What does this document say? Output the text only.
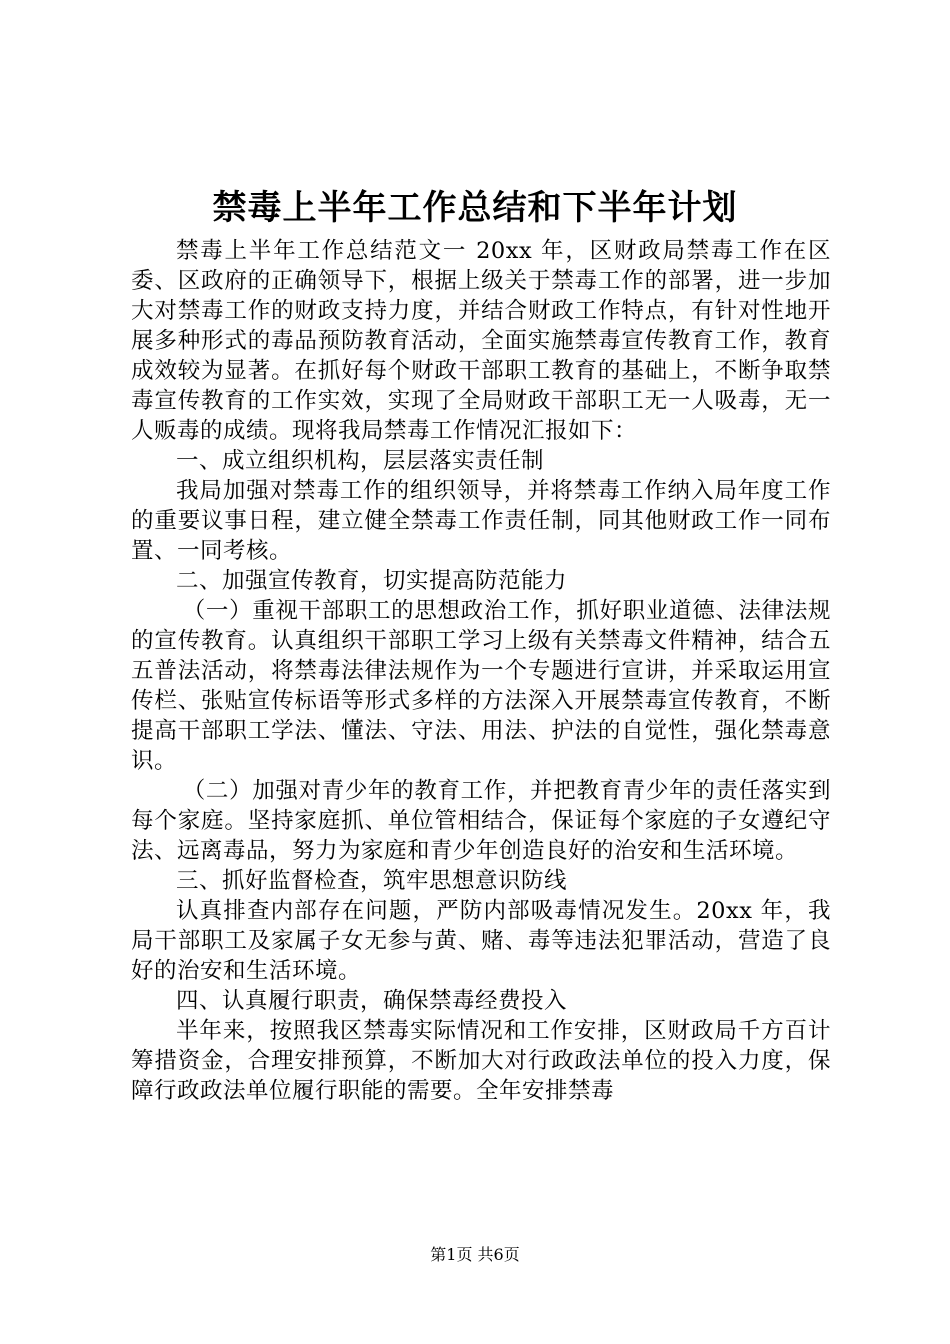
禁毒上半年工作总结和下半年计划

禁毒上半年工作总结范文一 20xx 年，区财政局禁毒工作在区委、区政府的正确领导下，根据上级关于禁毒工作的部署，进一步加大对禁毒工作的财政支持力度，并结合财政工作特点，有针对性地开展多种形式的毒品预防教育活动，全面实施禁毒宣传教育工作，教育成效较为显著。在抓好每个财政干部职工教育的基础上，不断争取禁毒宣传教育的工作实效，实现了全局财政干部职工无一人吸毒，无一人贩毒的成绩。现将我局禁毒工作情况汇报如下：

一、成立组织机构，层层落实责任制

我局加强对禁毒工作的组织领导，并将禁毒工作纳入局年度工作的重要议事日程，建立健全禁毒工作责任制，同其他财政工作一同布置、一同考核。

二、加强宣传教育，切实提高防范能力

（一）重视干部职工的思想政治工作，抓好职业道德、法律法规的宣传教育。认真组织干部职工学习上级有关禁毒文件精神，结合五五普法活动，将禁毒法律法规作为一个专题进行宣讲，并采取运用宣传栏、张贴宣传标语等形式多样的方法深入开展禁毒宣传教育，不断提高干部职工学法、懂法、守法、用法、护法的自觉性，强化禁毒意识。

（二）加强对青少年的教育工作，并把教育青少年的责任落实到每个家庭。坚持家庭抓、单位管相结合，保证每个家庭的子女遵纪守法、远离毒品，努力为家庭和青少年创造良好的治安和生活环境。

三、抓好监督检查，筑牢思想意识防线

认真排查内部存在问题，严防内部吸毒情况发生。20xx 年，我局干部职工及家属子女无参与黄、赌、毒等违法犯罪活动，营造了良好的治安和生活环境。

四、认真履行职责，确保禁毒经费投入

半年来，按照我区禁毒实际情况和工作安排，区财政局千方百计筹措资金，合理安排预算，不断加大对行政政法单位的投入力度，保障行政政法单位履行职能的需要。全年安排禁毒

第1页 共6页
